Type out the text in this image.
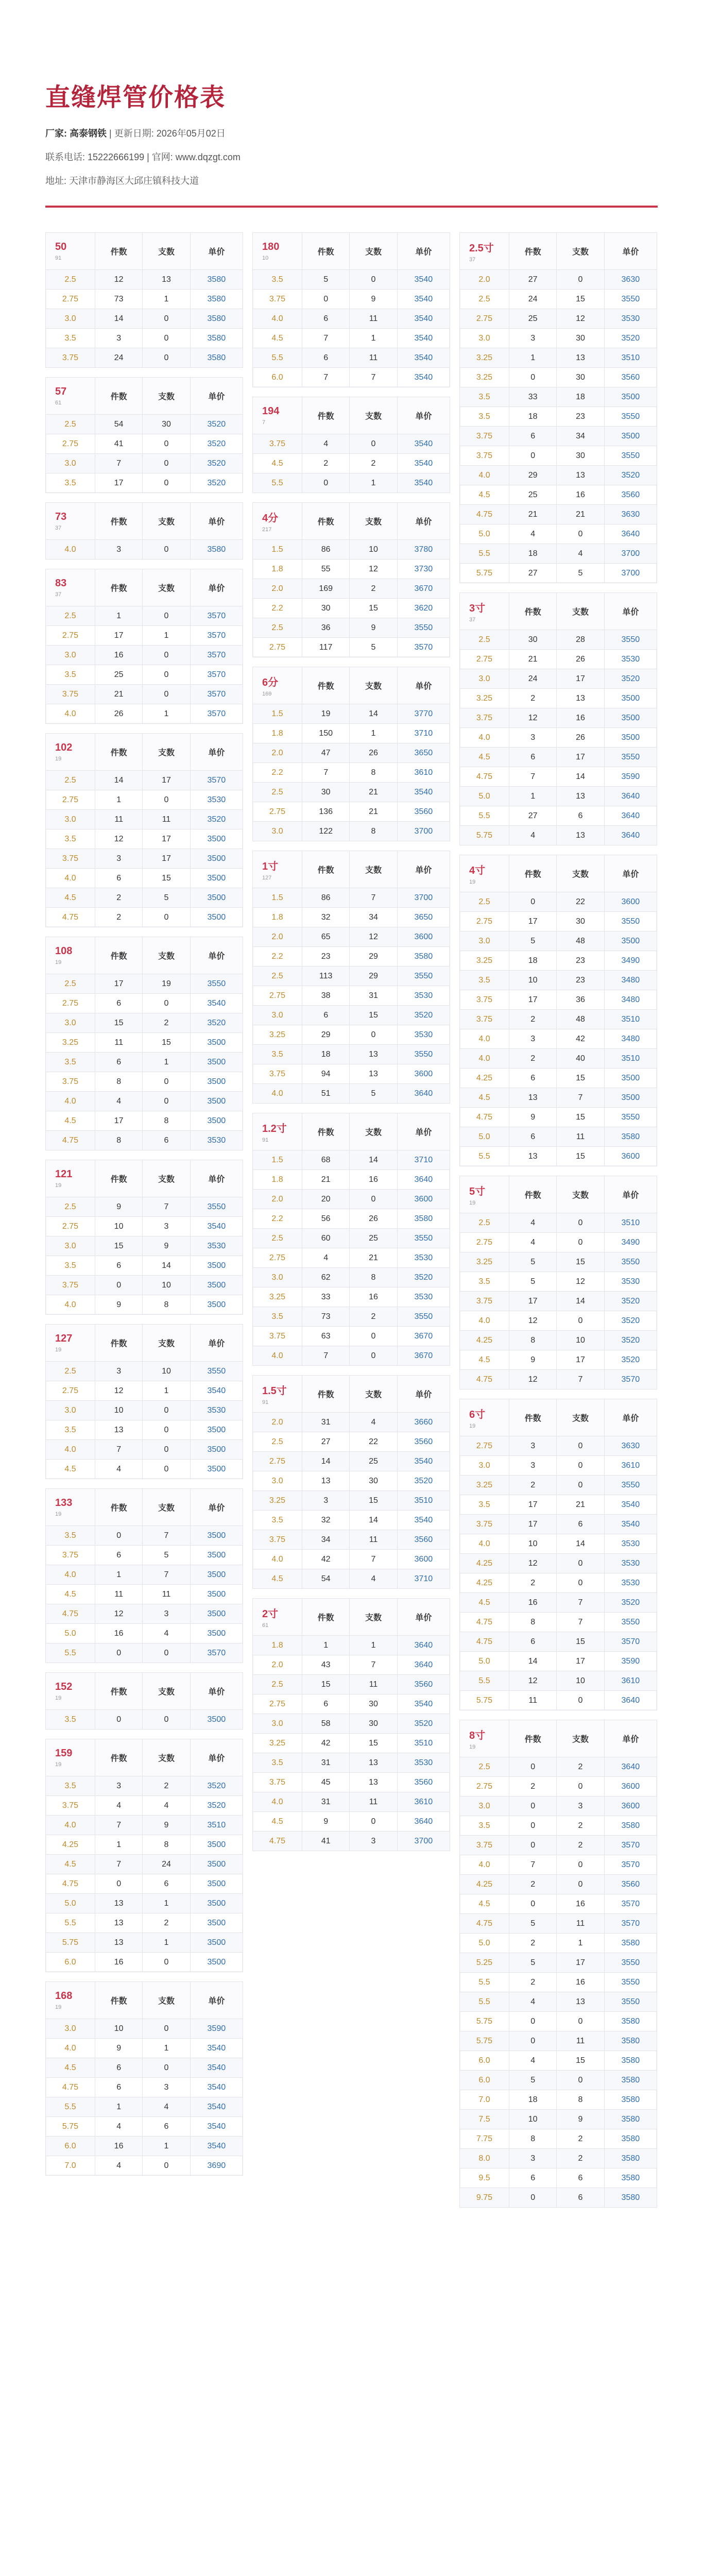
直缝焊管价格表
厂家: 高泰钢铁 | 更新日期: 2026年05月02日
联系电话: 15222666199 | 官网: www.dqzgt.com
地址: 天津市静海区大邱庄镇科技大道
50
91	件数	支数	单价
2.5	12	13	3580
2.75	73	1	3580
3.0	14	0	3580
3.5	3	0	3580
3.75	24	0	3580
57
61	件数	支数	单价
2.5	54	30	3520
2.75	41	0	3520
3.0	7	0	3520
3.5	17	0	3520
73
37	件数	支数	单价
4.0	3	0	3580
83
37	件数	支数	单价
2.5	1	0	3570
2.75	17	1	3570
3.0	16	0	3570
3.5	25	0	3570
3.75	21	0	3570
4.0	26	1	3570
102
19	件数	支数	单价
2.5	14	17	3570
2.75	1	0	3530
3.0	11	11	3520
3.5	12	17	3500
3.75	3	17	3500
4.0	6	15	3500
4.5	2	5	3500
4.75	2	0	3500
108
19	件数	支数	单价
2.5	17	19	3550
2.75	6	0	3540
3.0	15	2	3520
3.25	11	15	3500
3.5	6	1	3500
3.75	8	0	3500
4.0	4	0	3500
4.5	17	8	3500
4.75	8	6	3530
121
19	件数	支数	单价
2.5	9	7	3550
2.75	10	3	3540
3.0	15	9	3530
3.5	6	14	3500
3.75	0	10	3500
4.0	9	8	3500
127
19	件数	支数	单价
2.5	3	10	3550
2.75	12	1	3540
3.0	10	0	3530
3.5	13	0	3500
4.0	7	0	3500
4.5	4	0	3500
133
19	件数	支数	单价
3.5	0	7	3500
3.75	6	5	3500
4.0	1	7	3500
4.5	11	11	3500
4.75	12	3	3500
5.0	16	4	3500
5.5	0	0	3570
152
19	件数	支数	单价
3.5	0	0	3500
159
19	件数	支数	单价
3.5	3	2	3520
3.75	4	4	3520
4.0	7	9	3510
4.25	1	8	3500
4.5	7	24	3500
4.75	0	6	3500
5.0	13	1	3500
5.5	13	2	3500
5.75	13	1	3500
6.0	16	0	3500
168
19	件数	支数	单价
3.0	10	0	3590
4.0	9	1	3540
4.5	6	0	3540
4.75	6	3	3540
5.5	1	4	3540
5.75	4	6	3540
6.0	16	1	3540
7.0	4	0	3690
180
10	件数	支数	单价
3.5	5	0	3540
3.75	0	9	3540
4.0	6	11	3540
4.5	7	1	3540
5.5	6	11	3540
6.0	7	7	3540
194
7	件数	支数	单价
3.75	4	0	3540
4.5	2	2	3540
5.5	0	1	3540
4分
217	件数	支数	单价
1.5	86	10	3780
1.8	55	12	3730
2.0	169	2	3670
2.2	30	15	3620
2.5	36	9	3550
2.75	117	5	3570
6分
169	件数	支数	单价
1.5	19	14	3770
1.8	150	1	3710
2.0	47	26	3650
2.2	7	8	3610
2.5	30	21	3540
2.75	136	21	3560
3.0	122	8	3700
1寸
127	件数	支数	单价
1.5	86	7	3700
1.8	32	34	3650
2.0	65	12	3600
2.2	23	29	3580
2.5	113	29	3550
2.75	38	31	3530
3.0	6	15	3520
3.25	29	0	3530
3.5	18	13	3550
3.75	94	13	3600
4.0	51	5	3640
1.2寸
91	件数	支数	单价
1.5	68	14	3710
1.8	21	16	3640
2.0	20	0	3600
2.2	56	26	3580
2.5	60	25	3550
2.75	4	21	3530
3.0	62	8	3520
3.25	33	16	3530
3.5	73	2	3550
3.75	63	0	3670
4.0	7	0	3670
1.5寸
91	件数	支数	单价
2.0	31	4	3660
2.5	27	22	3560
2.75	14	25	3540
3.0	13	30	3520
3.25	3	15	3510
3.5	32	14	3540
3.75	34	11	3560
4.0	42	7	3600
4.5	54	4	3710
2寸
61	件数	支数	单价
1.8	1	1	3640
2.0	43	7	3640
2.5	15	11	3560
2.75	6	30	3540
3.0	58	30	3520
3.25	42	15	3510
3.5	31	13	3530
3.75	45	13	3560
4.0	31	11	3610
4.5	9	0	3640
4.75	41	3	3700
2.5寸
37	件数	支数	单价
2.0	27	0	3630
2.5	24	15	3550
2.75	25	12	3530
3.0	3	30	3520
3.25	1	13	3510
3.25	0	30	3560
3.5	33	18	3500
3.5	18	23	3550
3.75	6	34	3500
3.75	0	30	3550
4.0	29	13	3520
4.5	25	16	3560
4.75	21	21	3630
5.0	4	0	3640
5.5	18	4	3700
5.75	27	5	3700
3寸
37	件数	支数	单价
2.5	30	28	3550
2.75	21	26	3530
3.0	24	17	3520
3.25	2	13	3500
3.75	12	16	3500
4.0	3	26	3500
4.5	6	17	3550
4.75	7	14	3590
5.0	1	13	3640
5.5	27	6	3640
5.75	4	13	3640
4寸
19	件数	支数	单价
2.5	0	22	3600
2.75	17	30	3550
3.0	5	48	3500
3.25	18	23	3490
3.5	10	23	3480
3.75	17	36	3480
3.75	2	48	3510
4.0	3	42	3480
4.0	2	40	3510
4.25	6	15	3500
4.5	13	7	3500
4.75	9	15	3550
5.0	6	11	3580
5.5	13	15	3600
5寸
19	件数	支数	单价
2.5	4	0	3510
2.75	4	0	3490
3.25	5	15	3550
3.5	5	12	3530
3.75	17	14	3520
4.0	12	0	3520
4.25	8	10	3520
4.5	9	17	3520
4.75	12	7	3570
6寸
19	件数	支数	单价
2.75	3	0	3630
3.0	3	0	3610
3.25	2	0	3550
3.5	17	21	3540
3.75	17	6	3540
4.0	10	14	3530
4.25	12	0	3530
4.25	2	0	3530
4.5	16	7	3520
4.75	8	7	3550
4.75	6	15	3570
5.0	14	17	3590
5.5	12	10	3610
5.75	11	0	3640
8寸
19	件数	支数	单价
2.5	0	2	3640
2.75	2	0	3600
3.0	0	3	3600
3.5	0	2	3580
3.75	0	2	3570
4.0	7	0	3570
4.25	2	0	3560
4.5	0	16	3570
4.75	5	11	3570
5.0	2	1	3580
5.25	5	17	3550
5.5	2	16	3550
5.5	4	13	3550
5.75	0	0	3580
5.75	0	11	3580
6.0	4	15	3580
6.0	5	0	3580
7.0	18	8	3580
7.5	10	9	3580
7.75	8	2	3580
8.0	3	2	3580
9.5	6	6	3580
9.75	0	6	3580
